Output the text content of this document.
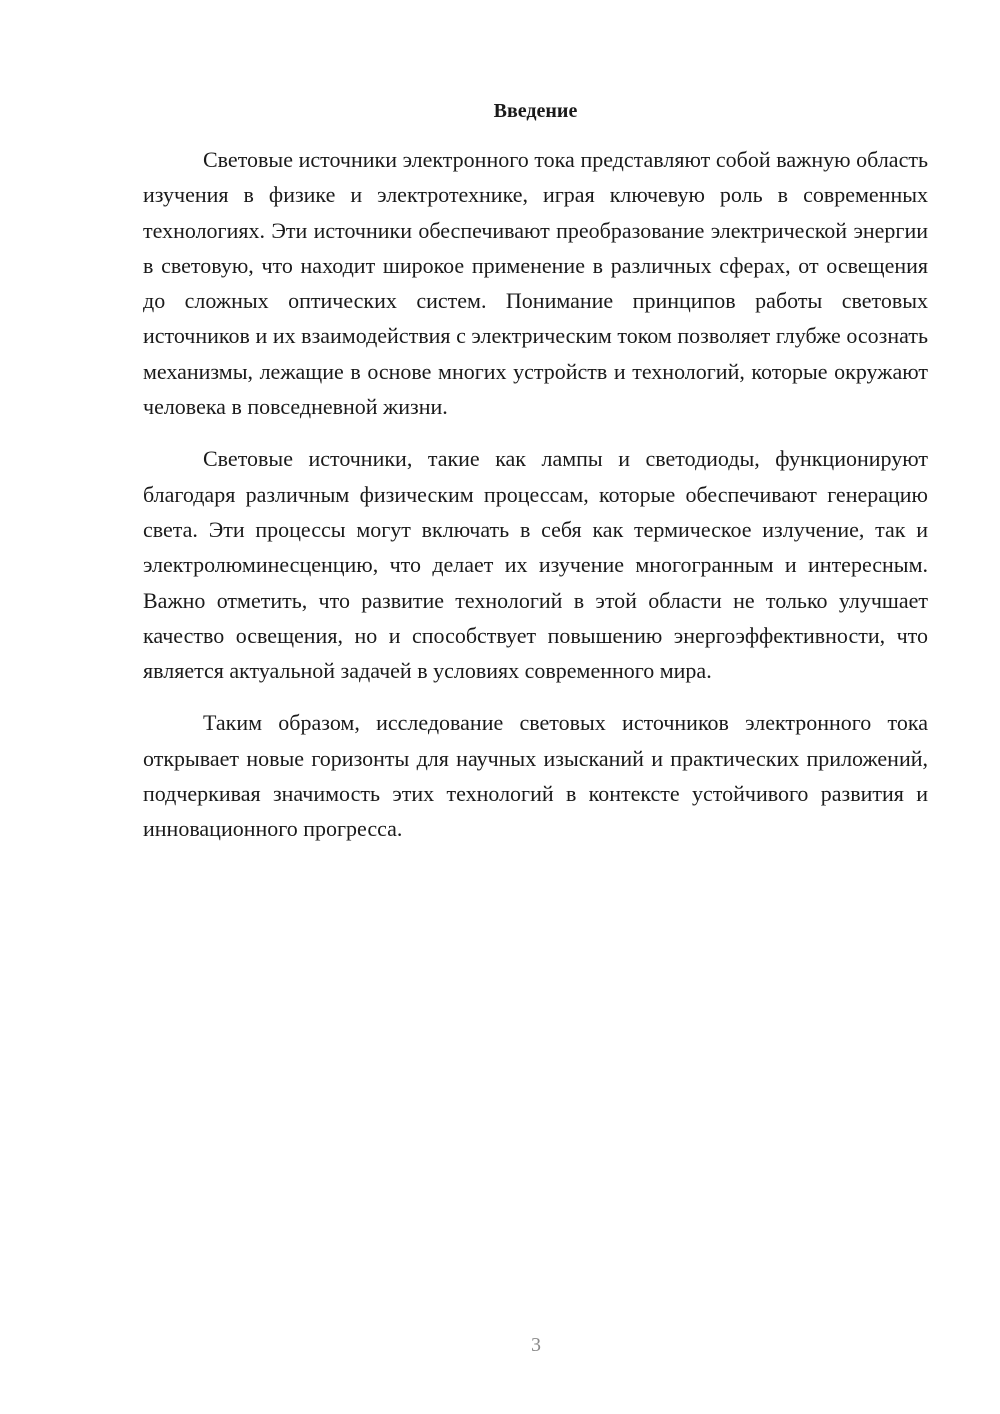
Введение

Световые источники электронного тока представляют собой важную область изучения в физике и электротехнике, играя ключевую роль в современных технологиях. Эти источники обеспечивают преобразование электрической энергии в световую, что находит широкое применение в различных сферах, от освещения до сложных оптических систем. Понимание принципов работы световых источников и их взаимодействия с электрическим током позволяет глубже осознать механизмы, лежащие в основе многих устройств и технологий, которые окружают человека в повседневной жизни.

Световые источники, такие как лампы и светодиоды, функционируют благодаря различным физическим процессам, которые обеспечивают генерацию света. Эти процессы могут включать в себя как термическое излучение, так и электролюминесценцию, что делает их изучение многогранным и интересным. Важно отметить, что развитие технологий в этой области не только улучшает качество освещения, но и способствует повышению энергоэффективности, что является актуальной задачей в условиях современного мира.

Таким образом, исследование световых источников электронного тока открывает новые горизонты для научных изысканий и практических приложений, подчеркивая значимость этих технологий в контексте устойчивого развития и инновационного прогресса.

3
